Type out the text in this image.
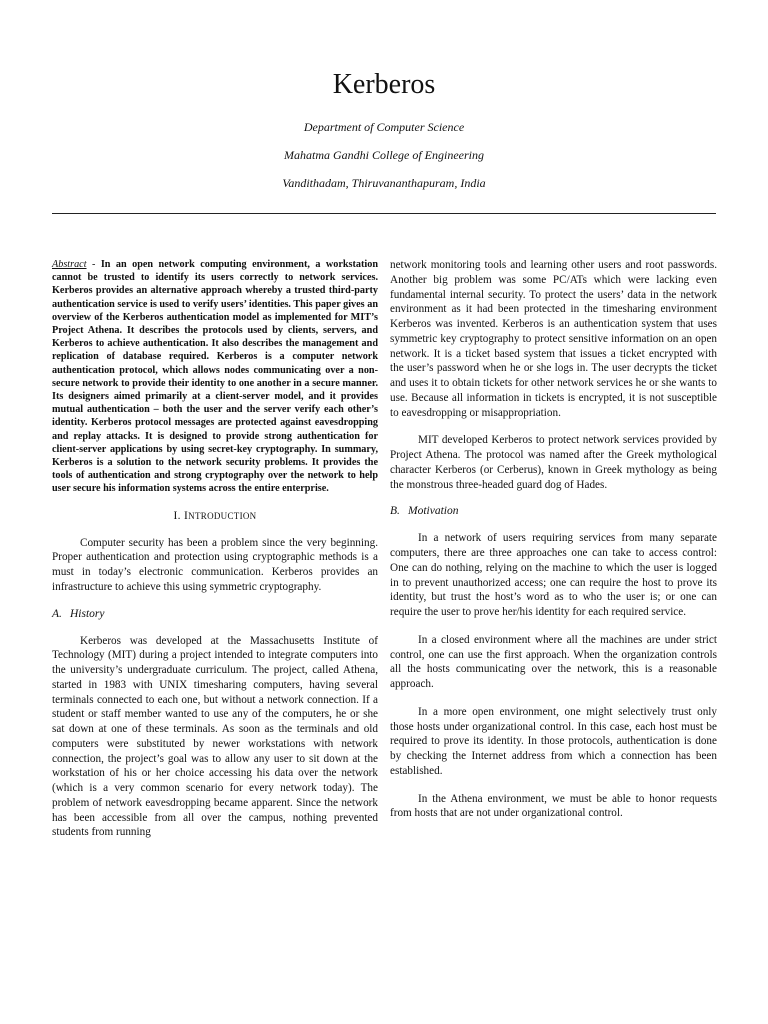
Kerberos
Department of Computer Science
Mahatma Gandhi College of Engineering
Vandithadam, Thiruvananthapuram, India

Abstract - In an open network computing environment, a workstation cannot be trusted to identify its users correctly to network services. Kerberos provides an alternative approach whereby a trusted third-party authentication service is used to verify users’ identities. This paper gives an overview of the Kerberos authentication model as implemented for MIT’s Project Athena. It describes the protocols used by clients, servers, and Kerberos to achieve authentication. It also describes the management and replication of database required. Kerberos is a computer network authentication protocol, which allows nodes communicating over a non-secure network to provide their identity to one another in a secure manner. Its designers aimed primarily at a client-server model, and it provides mutual authentication – both the user and the server verify each other’s identity. Kerberos protocol messages are protected against eavesdropping and replay attacks. It is designed to provide strong authentication for client-server applications by using secret-key cryptography. In summary, Kerberos is a solution to the network security problems. It provides the tools of authentication and strong cryptography over the network to help user secure his information systems across the entire enterprise.

I. INTRODUCTION

Computer security has been a problem since the very beginning. Proper authentication and protection using cryptographic methods is a must in today’s electronic communication. Kerberos provides an infrastructure to achieve this using symmetric cryptography.

A. History

Kerberos was developed at the Massachusetts Institute of Technology (MIT) during a project intended to integrate computers into the university’s undergraduate curriculum. The project, called Athena, started in 1983 with UNIX timesharing computers, having several terminals connected to each one, but without a network connection. If a student or staff member wanted to use any of the computers, he or she sat down at one of these terminals. As soon as the terminals and old computers were substituted by newer workstations with network connection, the project’s goal was to allow any user to sit down at the workstation of his or her choice accessing his data over the network (which is a very common scenario for every network today). The problem of network eavesdropping became apparent. Since the network has been accessible from all over the campus, nothing prevented students from running

network monitoring tools and learning other users and root passwords. Another big problem was some PC/ATs which were lacking even fundamental internal security. To protect the users’ data in the network environment as it had been protected in the timesharing environment Kerberos was invented. Kerberos is an authentication system that uses symmetric key cryptography to protect sensitive information on an open network. It is a ticket based system that issues a ticket encrypted with the user’s password when he or she logs in. The user decrypts the ticket and uses it to obtain tickets for other network services he or she wants to use. Because all information in tickets is encrypted, it is not susceptible to eavesdropping or misappropriation.

MIT developed Kerberos to protect network services provided by Project Athena. The protocol was named after the Greek mythological character Kerberos (or Cerberus), known in Greek mythology as being the monstrous three-headed guard dog of Hades.

B. Motivation

In a network of users requiring services from many separate computers, there are three approaches one can take to access control: One can do nothing, relying on the machine to which the user is logged in to prevent unauthorized access; one can require the host to prove its identity, but trust the host’s word as to who the user is; or one can require the user to prove her/his identity for each required service.

In a closed environment where all the machines are under strict control, one can use the first approach. When the organization controls all the hosts communicating over the network, this is a reasonable approach.

In a more open environment, one might selectively trust only those hosts under organizational control. In this case, each host must be required to prove its identity. In those protocols, authentication is done by checking the Internet address from which a connection has been established.

In the Athena environment, we must be able to honor requests from hosts that are not under organizational control.
